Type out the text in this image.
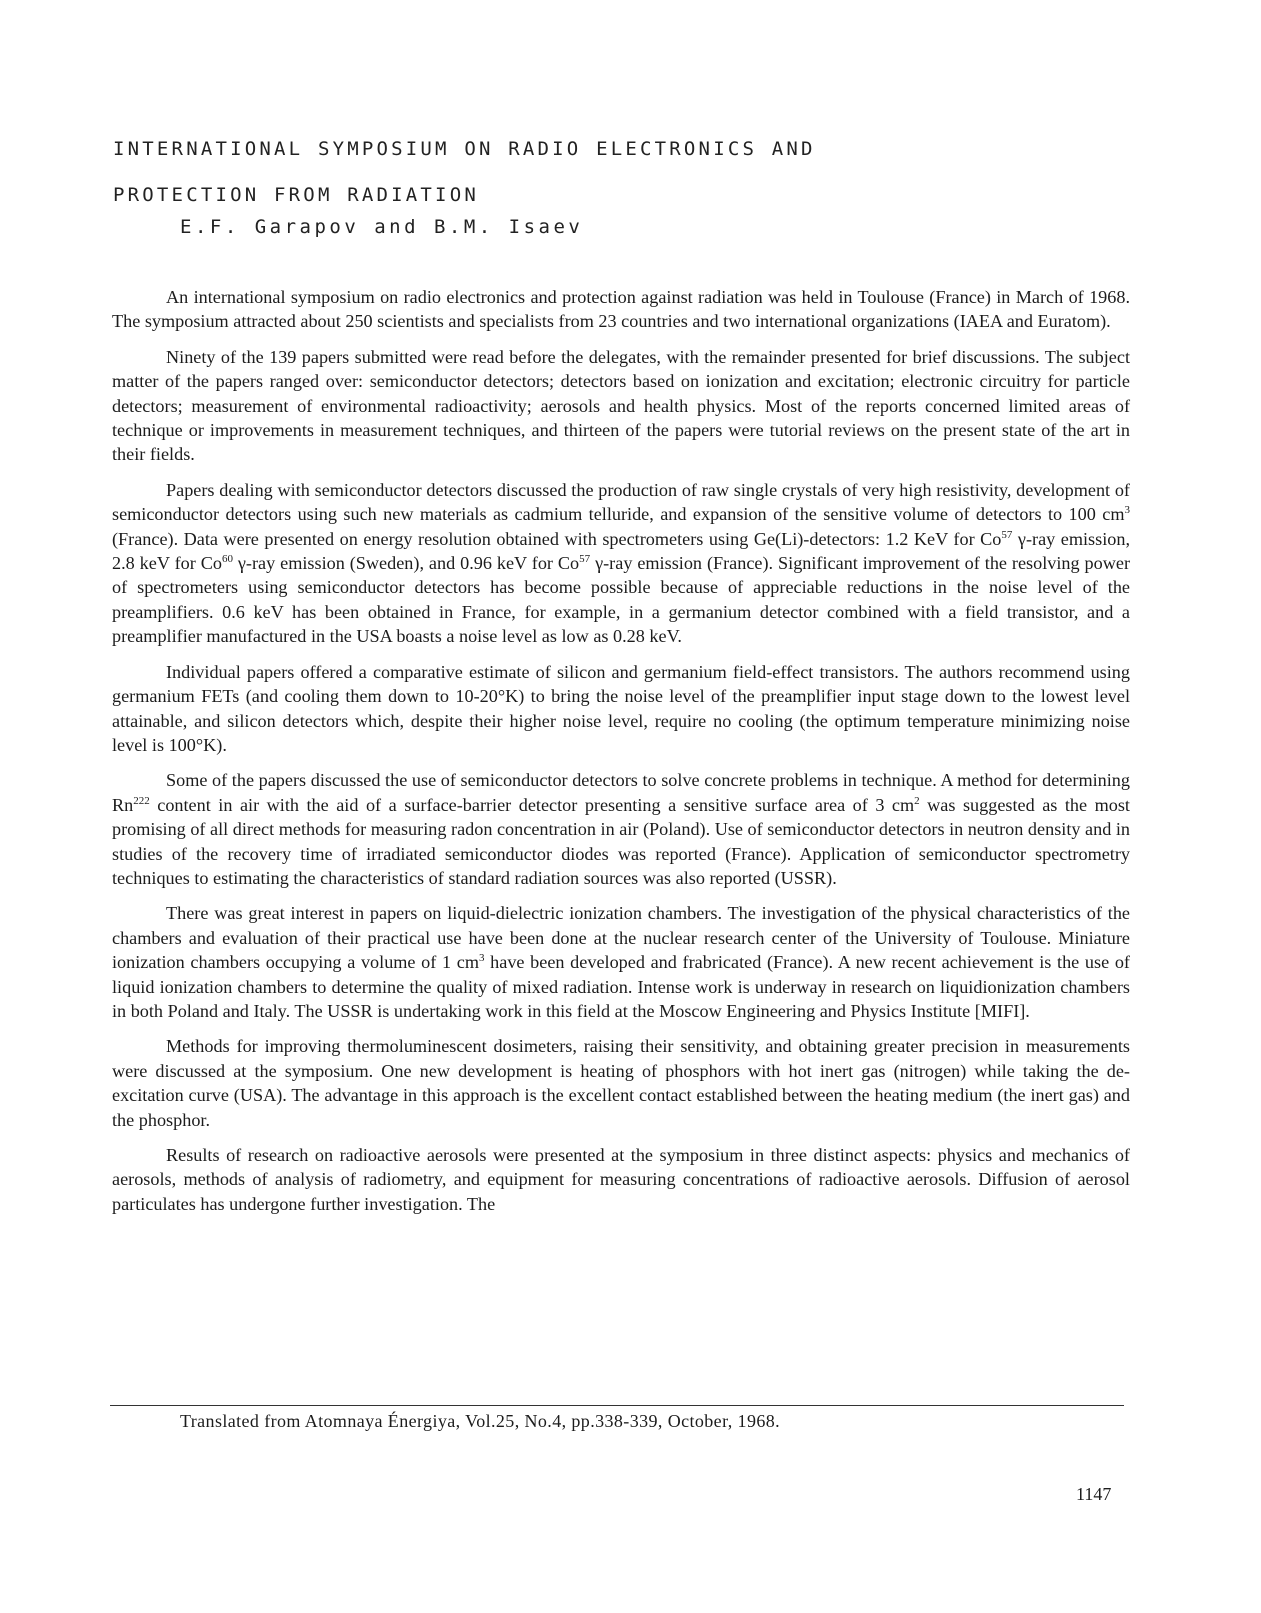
INTERNATIONAL SYMPOSIUM ON RADIO ELECTRONICS AND
PROTECTION FROM RADIATION
E.F. Garapov and B.M. Isaev

An international symposium on radio electronics and protection against radiation was held in Toulouse (France) in March of 1968. The symposium attracted about 250 scientists and specialists from 23 countries and two international organizations (IAEA and Euratom).

Ninety of the 139 papers submitted were read before the delegates, with the remainder presented for brief discussions. The subject matter of the papers ranged over: semiconductor detectors; detectors based on ionization and excitation; electronic circuitry for particle detectors; measurement of environmental radioactivity; aerosols and health physics. Most of the reports concerned limited areas of technique or improvements in measurement techniques, and thirteen of the papers were tutorial reviews on the present state of the art in their fields.

Papers dealing with semiconductor detectors discussed the production of raw single crystals of very high resistivity, development of semiconductor detectors using such new materials as cadmium telluride, and expansion of the sensitive volume of detectors to 100 $cm^3$ (France). Data were presented on energy resolution obtained with spectrometers using Ge(Li)-detectors: 1.2 KeV for Co$^{57}$ γ-ray emission, 2.8 keV for Co$^{60}$ γ-ray emission (Sweden), and 0.96 keV for Co$^{57}$ γ-ray emission (France). Significant improvement of the resolving power of spectrometers using semiconductor detectors has become possible because of appreciable reductions in the noise level of the preamplifiers. 0.6 keV has been obtained in France, for example, in a germanium detector combined with a field transistor, and a preamplifier manufactured in the USA boasts a noise level as low as 0.28 keV.

Individual papers offered a comparative estimate of silicon and germanium field-effect transistors. The authors recommend using germanium FETs (and cooling them down to 10-20°K) to bring the noise level of the preamplifier input stage down to the lowest level attainable, and silicon detectors which, despite their higher noise level, require no cooling (the optimum temperature minimizing noise level is 100°K).

Some of the papers discussed the use of semiconductor detectors to solve concrete problems in technique. A method for determining Rn$^{222}$ content in air with the aid of a surface-barrier detector presenting a sensitive surface area of 3 $cm^2$ was suggested as the most promising of all direct methods for measuring radon concentration in air (Poland). Use of semiconductor detectors in neutron density and in studies of the recovery time of irradiated semiconductor diodes was reported (France). Application of semiconductor spectrometry techniques to estimating the characteristics of standard radiation sources was also reported (USSR).

There was great interest in papers on liquid-dielectric ionization chambers. The investigation of the physical characteristics of the chambers and evaluation of their practical use have been done at the nuclear research center of the University of Toulouse. Miniature ionization chambers occupying a volume of 1 $cm^3$ have been developed and frabricated (France). A new recent achievement is the use of liquid ionization chambers to determine the quality of mixed radiation. Intense work is underway in research on liquidionization chambers in both Poland and Italy. The USSR is undertaking work in this field at the Moscow Engineering and Physics Institute [MIFI].

Methods for improving thermoluminescent dosimeters, raising their sensitivity, and obtaining greater precision in measurements were discussed at the symposium. One new development is heating of phosphors with hot inert gas (nitrogen) while taking the de-excitation curve (USA). The advantage in this approach is the excellent contact established between the heating medium (the inert gas) and the phosphor.

Results of research on radioactive aerosols were presented at the symposium in three distinct aspects: physics and mechanics of aerosols, methods of analysis of radiometry, and equipment for measuring concentrations of radioactive aerosols. Diffusion of aerosol particulates has undergone further investigation. The

Translated from Atomnaya Énergiya, Vol.25, No.4, pp.338-339, October, 1968.
1147
